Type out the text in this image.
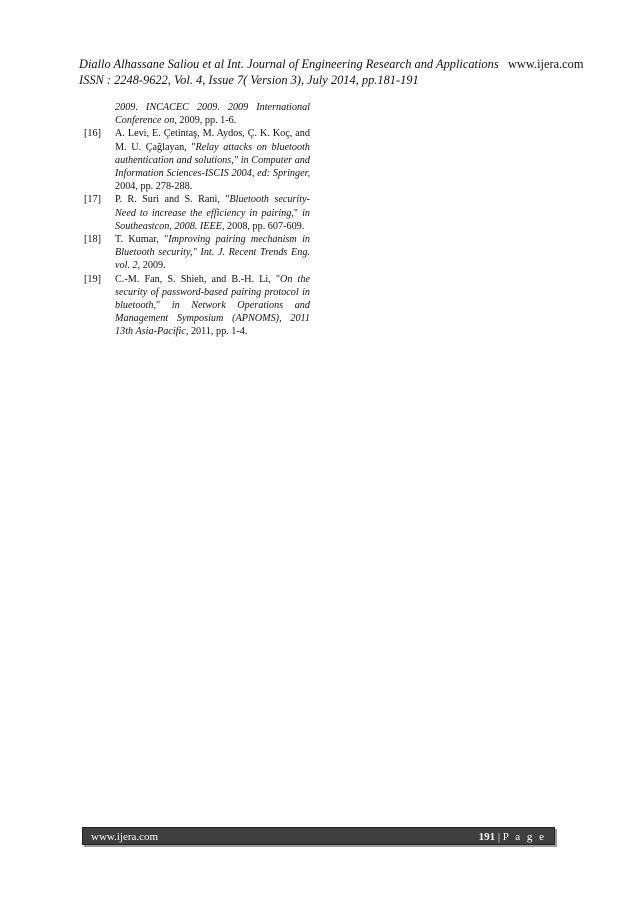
Diallo Alhassane Saliou et al Int. Journal of Engineering Research and Applications www.ijera.com
ISSN : 2248-9622, Vol. 4, Issue 7( Version 3), July 2014, pp.181-191
2009. INCACEC 2009. 2009 International Conference on, 2009, pp. 1-6.
[16]	A. Levi, E. Çetintaş, M. Aydos, Ç. K. Koç, and M. U. Çağlayan, "Relay attacks on bluetooth authentication and solutions," in Computer and Information Sciences-ISCIS 2004, ed: Springer, 2004, pp. 278-288.
[17]	P. R. Suri and S. Rani, "Bluetooth security-Need to increase the efficiency in pairing," in Southeastcon, 2008. IEEE, 2008, pp. 607-609.
[18]	T. Kumar, "Improving pairing mechanism in Bluetooth security," Int. J. Recent Trends Eng. vol. 2, 2009.
[19]	C.-M. Fan, S. Shieh, and B.-H. Li, "On the security of password-based pairing protocol in bluetooth," in Network Operations and Management Symposium (APNOMS), 2011 13th Asia-Pacific, 2011, pp. 1-4.
www.ijera.com	191 | P a g e
